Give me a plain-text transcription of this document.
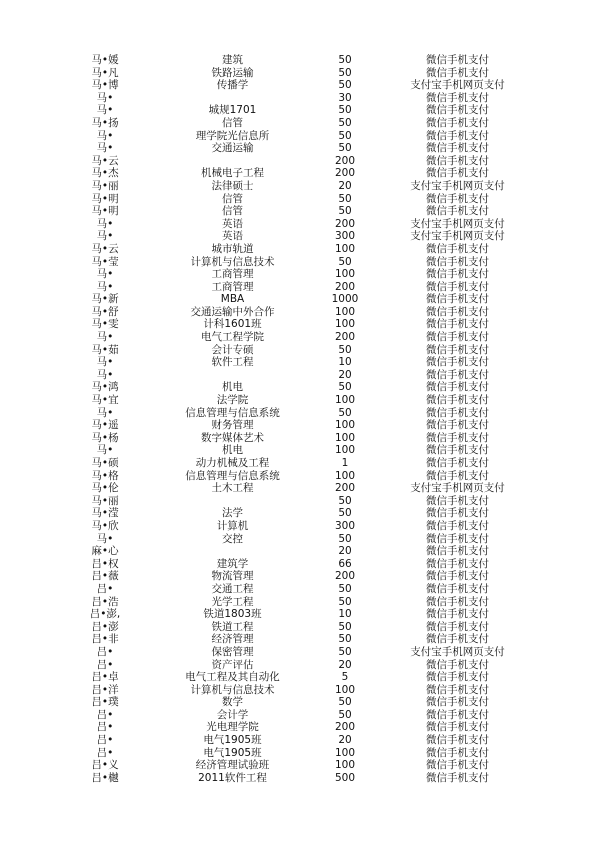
马•媛	建筑	50	微信手机支付
马•凡	铁路运输	50	微信手机支付
马•博	传播学	50	支付宝手机网页支付
马•		30	微信手机支付
马•	城规1701	50	微信手机支付
马•扬	信管	50	微信手机支付
马•	理学院光信息所	50	微信手机支付
马•	交通运输	50	微信手机支付
马•云		200	微信手机支付
马•杰	机械电子工程	200	微信手机支付
马•丽	法律硕士	20	支付宝手机网页支付
马•明	信管	50	微信手机支付
马•明	信管	50	微信手机支付
马•	英语	200	支付宝手机网页支付
马•	英语	300	支付宝手机网页支付
马•云	城市轨道	100	微信手机支付
马•莹	计算机与信息技术	50	微信手机支付
马•	工商管理	100	微信手机支付
马•	工商管理	200	微信手机支付
马•新	MBA	1000	微信手机支付
马•舒	交通运输中外合作	100	微信手机支付
马•雯	计科1601班	100	微信手机支付
马•	电气工程学院	200	微信手机支付
马•茹	会计专硕	50	微信手机支付
马•	软件工程	10	微信手机支付
马•		20	微信手机支付
马•鸿	机电	50	微信手机支付
马•宜	法学院	100	微信手机支付
马•	信息管理与信息系统	50	微信手机支付
马•遥	财务管理	100	微信手机支付
马•杨	数字媒体艺术	100	微信手机支付
马•	机电	100	微信手机支付
马•硕	动力机械及工程	1	微信手机支付
马•格	信息管理与信息系统	100	微信手机支付
马•伦	土木工程	200	支付宝手机网页支付
马•丽		50	微信手机支付
马•滢	法学	50	微信手机支付
马•欣	计算机	300	微信手机支付
马•	交控	50	微信手机支付
麻•心		20	微信手机支付
吕•权	建筑学	66	微信手机支付
吕•薇	物流管理	200	微信手机支付
吕•	交通工程	50	微信手机支付
吕•浩	光学工程	50	微信手机支付
吕•澎,	铁道1803班	10	微信手机支付
吕•澎	铁道工程	50	微信手机支付
吕•非	经济管理	50	微信手机支付
吕•	保密管理	50	支付宝手机网页支付
吕•	资产评估	20	微信手机支付
吕•卓	电气工程及其自动化	5	微信手机支付
吕•洋	计算机与信息技术	100	微信手机支付
吕•璞	数学	50	微信手机支付
吕•	会计学	50	微信手机支付
吕•	光电理学院	200	微信手机支付
吕•	电气1905班	20	微信手机支付
吕•	电气1905班	100	微信手机支付
吕•义	经济管理试验班	100	微信手机支付
吕•樾	2011软件工程	500	微信手机支付
